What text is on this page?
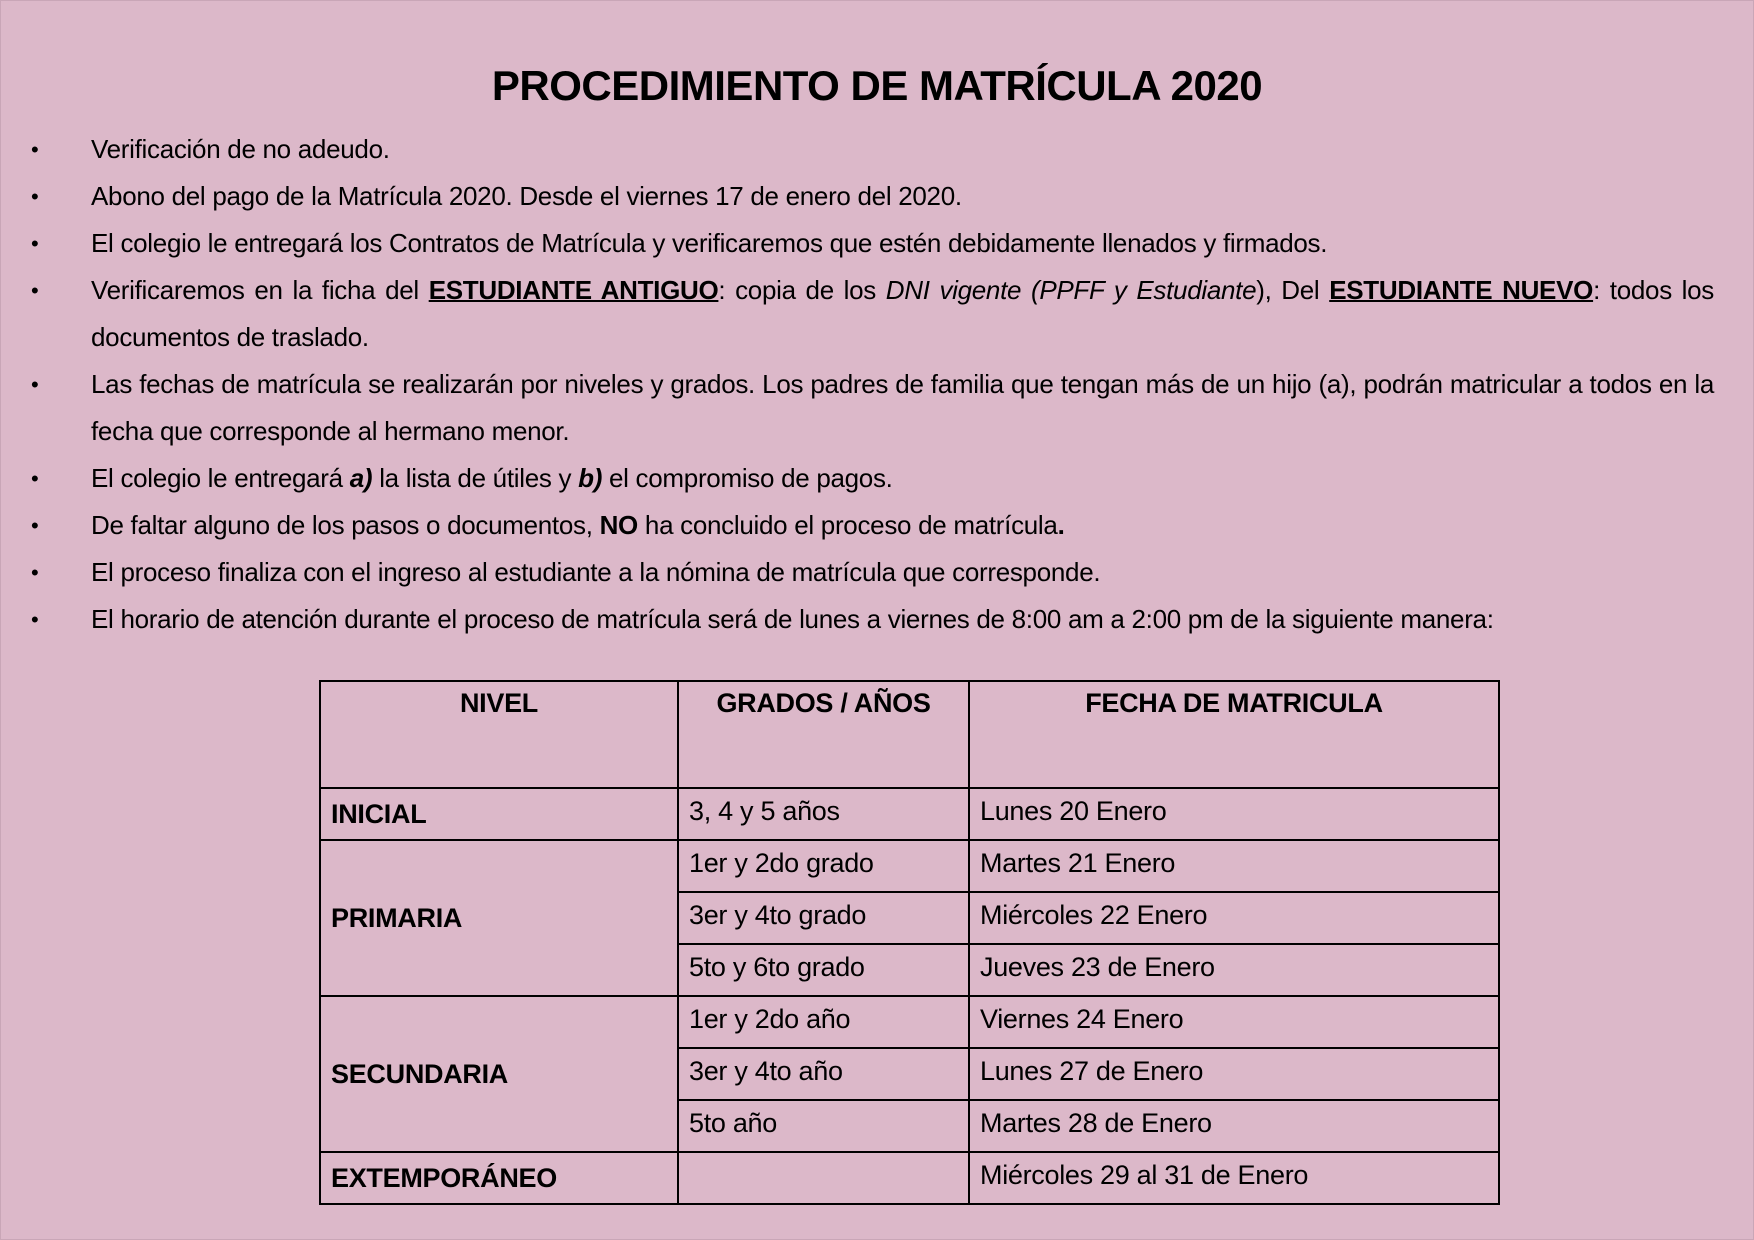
PROCEDIMIENTO DE MATRÍCULA 2020
• Verificación de no adeudo.
• Abono del pago de la Matrícula 2020. Desde el viernes 17 de enero del 2020.
• El colegio le entregará los Contratos de Matrícula y verificaremos que estén debidamente llenados y firmados.
• Verificaremos en la ficha del ESTUDIANTE ANTIGUO: copia de los DNI vigente (PPFF y Estudiante), Del ESTUDIANTE NUEVO: todos los documentos de traslado.
• Las fechas de matrícula se realizarán por niveles y grados. Los padres de familia que tengan más de un hijo (a), podrán matricular a todos en la fecha que corresponde al hermano menor.
• El colegio le entregará a) la lista de útiles y b) el compromiso de pagos.
• De faltar alguno de los pasos o documentos, NO ha concluido el proceso de matrícula.
• El proceso finaliza con el ingreso al estudiante a la nómina de matrícula que corresponde.
• El horario de atención durante el proceso de matrícula será de lunes a viernes de 8:00 am a 2:00 pm de la siguiente manera:
NIVEL	GRADOS / AÑOS	FECHA DE MATRICULA
INICIAL	3, 4 y 5 años	Lunes 20 Enero
PRIMARIA	1er y 2do grado	Martes 21 Enero
	3er y 4to grado	Miércoles 22 Enero
	5to y 6to grado	Jueves 23 de Enero
SECUNDARIA	1er y 2do año	Viernes 24 Enero
	3er y 4to año	Lunes 27 de Enero
	5to año	Martes 28 de Enero
EXTEMPORÁNEO		Miércoles 29 al 31 de Enero
